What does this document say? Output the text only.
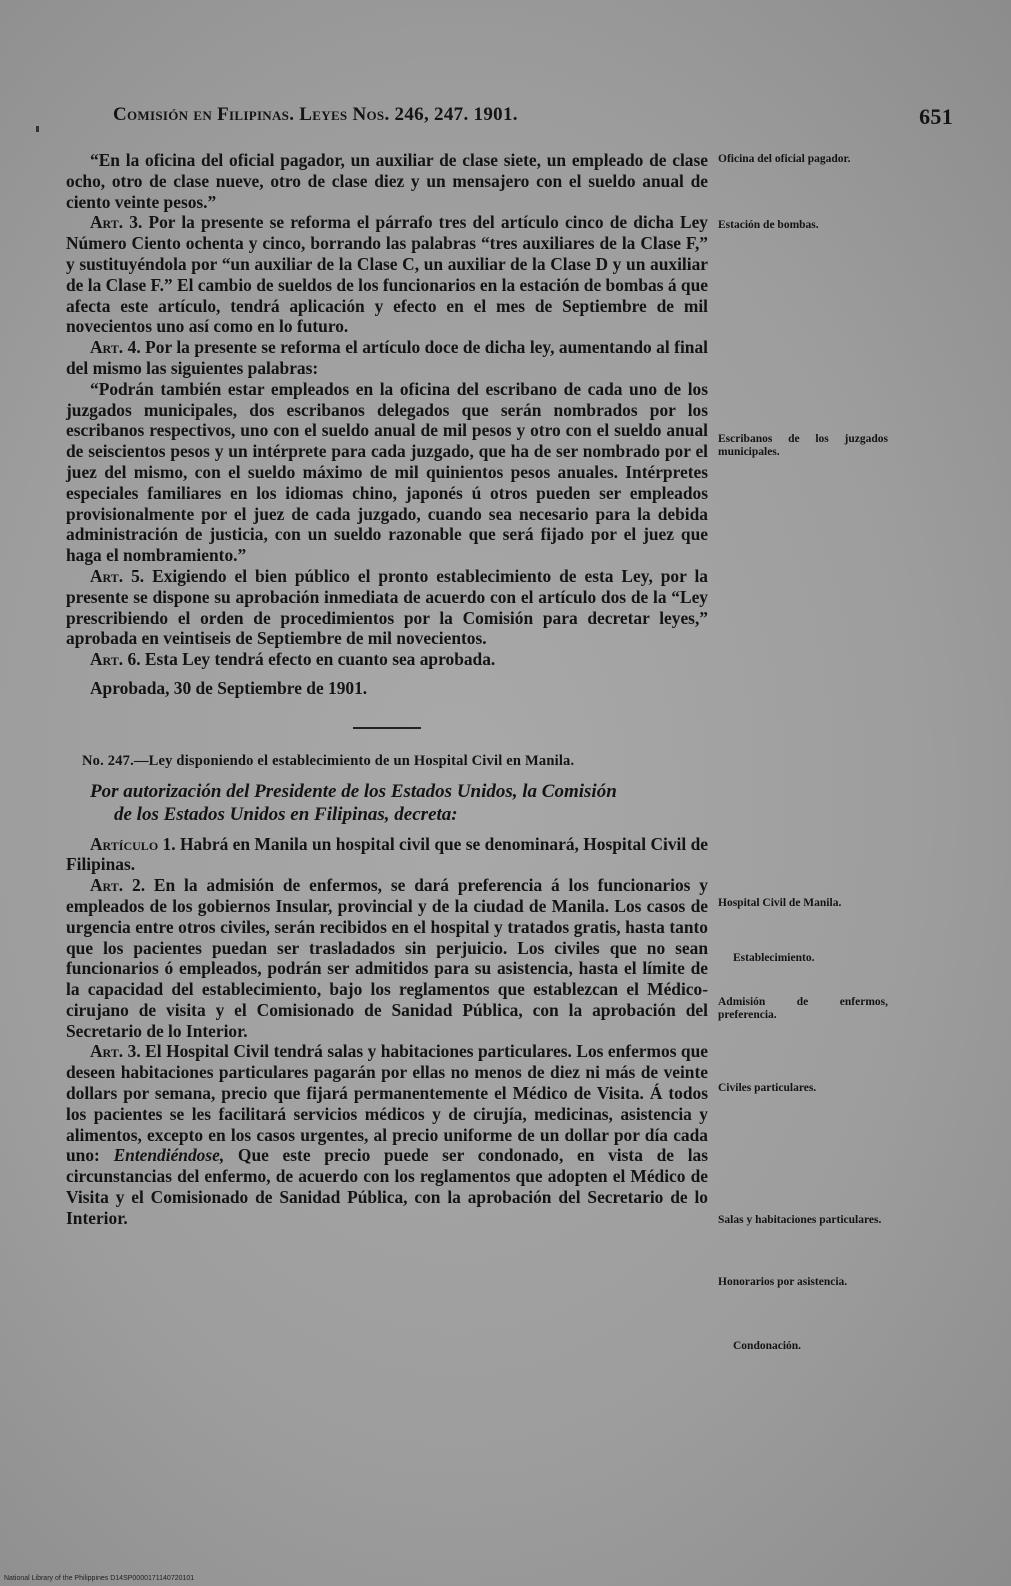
Comisión en Filipinas. Leyes Nos. 246, 247. 1901.	651

“En la oficina del oficial pagador, un auxiliar de clase siete, un empleado de clase ocho, otro de clase nueve, otro de clase diez y un mensajero con el sueldo anual de ciento veinte pesos.”

Art. 3. Por la presente se reforma el párrafo tres del artículo cinco de dicha Ley Número Ciento ochenta y cinco, borrando las palabras “tres auxiliares de la Clase F,” y sustituyéndola por “un auxiliar de la Clase C, un auxiliar de la Clase D y un auxiliar de la Clase F.” El cambio de sueldos de los funcionarios en la estación de bombas á que afecta este artículo, tendrá aplicación y efecto en el mes de Septiembre de mil novecientos uno así como en lo futuro.

Art. 4. Por la presente se reforma el artículo doce de dicha ley, aumentando al final del mismo las siguientes palabras:

“Podrán también estar empleados en la oficina del escribano de cada uno de los juzgados municipales, dos escribanos delegados que serán nombrados por los escribanos respectivos, uno con el sueldo anual de mil pesos y otro con el sueldo anual de seiscientos pesos y un intérprete para cada juzgado, que ha de ser nombrado por el juez del mismo, con el sueldo máximo de mil quinientos pesos anuales. Intérpretes especiales familiares en los idiomas chino, japonés ú otros pueden ser empleados provisionalmente por el juez de cada juzgado, cuando sea necesario para la debida administración de justicia, con un sueldo razonable que será fijado por el juez que haga el nombramiento.”

Art. 5. Exigiendo el bien público el pronto establecimiento de esta Ley, por la presente se dispone su aprobación inmediata de acuerdo con el artículo dos de la “Ley prescribiendo el orden de procedimientos por la Comisión para decretar leyes,” aprobada en veintiseis de Septiembre de mil novecientos.

Art. 6. Esta Ley tendrá efecto en cuanto sea aprobada.

Aprobada, 30 de Septiembre de 1901.

No. 247.—Ley disponiendo el establecimiento de un Hospital Civil en Manila.

Por autorización del Presidente de los Estados Unidos, la Comisión

de los Estados Unidos en Filipinas, decreta:

Artículo 1. Habrá en Manila un hospital civil que se denominará, Hospital Civil de Filipinas.

Art. 2. En la admisión de enfermos, se dará preferencia á los funcionarios y empleados de los gobiernos Insular, provincial y de la ciudad de Manila. Los casos de urgencia entre otros civiles, serán recibidos en el hospital y tratados gratis, hasta tanto que los pacientes puedan ser trasladados sin perjuicio. Los civiles que no sean funcionarios ó empleados, podrán ser admitidos para su asistencia, hasta el límite de la capacidad del establecimiento, bajo los reglamentos que establezcan el Médico-cirujano de visita y el Comisionado de Sanidad Pública, con la aprobación del Secretario de lo Interior.

Art. 3. El Hospital Civil tendrá salas y habitaciones particulares. Los enfermos que deseen habitaciones particulares pagarán por ellas no menos de diez ni más de veinte dollars por semana, precio que fijará permanentemente el Médico de Visita. Á todos los pacientes se les facilitará servicios médicos y de cirujía, medicinas, asistencia y alimentos, excepto en los casos urgentes, al precio uniforme de un dollar por día cada uno: Entendiéndose, Que este precio puede ser condonado, en vista de las circunstancias del enfermo, de acuerdo con los reglamentos que adopten el Médico de Visita y el Comisionado de Sanidad Pública, con la aprobación del Secretario de lo Interior.

Oficina del oficial pagador.
Estación de bombas.
Escribanos de los juzgados municipales.
Hospital Civil de Manila.
Establecimiento.
Admisión de enfermos, preferencia.
Civiles particulares.
Salas y habitaciones particulares.
Honorarios por asistencia.
Condonación.
National Library of the Philippines D14SP0000171140720101
